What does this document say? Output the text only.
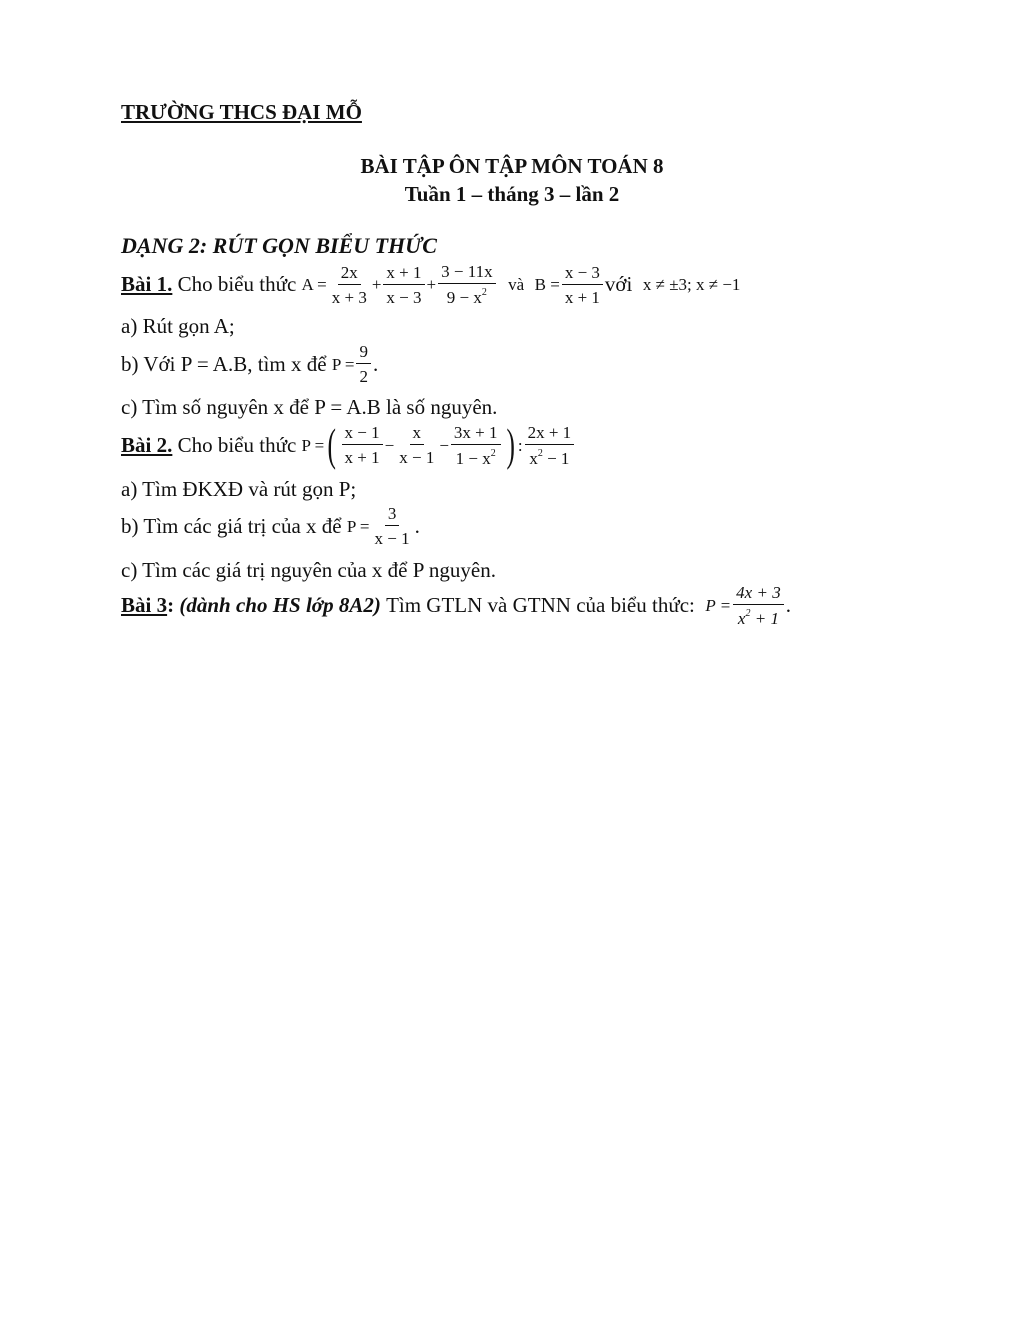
TRƯỜNG THCS ĐẠI MỖ
BÀI TẬP ÔN TẬP MÔN TOÁN 8
Tuần 1 – tháng 3 – lần 2
DẠNG 2: RÚT GỌN BIỂU THỨC
Bài 1.
Cho biểu thức
$A = \frac{2x}{x + 3} + \frac{x + 1}{x - 3} + \frac{3 - 11x}{9 - x^2}$
và
$B = \frac{x - 3}{x + 1}$ với
x ≠ ±3; x ≠ −1
a) Rút gọn A;
b) Với P = A.B, tìm x để
$P = \frac{9}{2}$ .
c) Tìm số nguyên x để P = A.B là số nguyên.
Bài 2.
Cho biểu thức
P = ( $\frac{x - 1}{x + 1} - \frac{x}{x - 1} - \frac{3x + 1}{1 - x^2}$ ) : $\frac{2x + 1}{x^2 - 1}$
a) Tìm ĐKXĐ và rút gọn P;
b) Tìm các giá trị của x để
$P = \frac{3}{x - 1}$ .
c) Tìm các giá trị nguyên của x để P nguyên.
Bài 3 :
(dành cho HS lớp 8A2)
Tìm GTLN và GTNN của biểu thức:
$P = \frac{4x + 3}{x^2 + 1}$ .
